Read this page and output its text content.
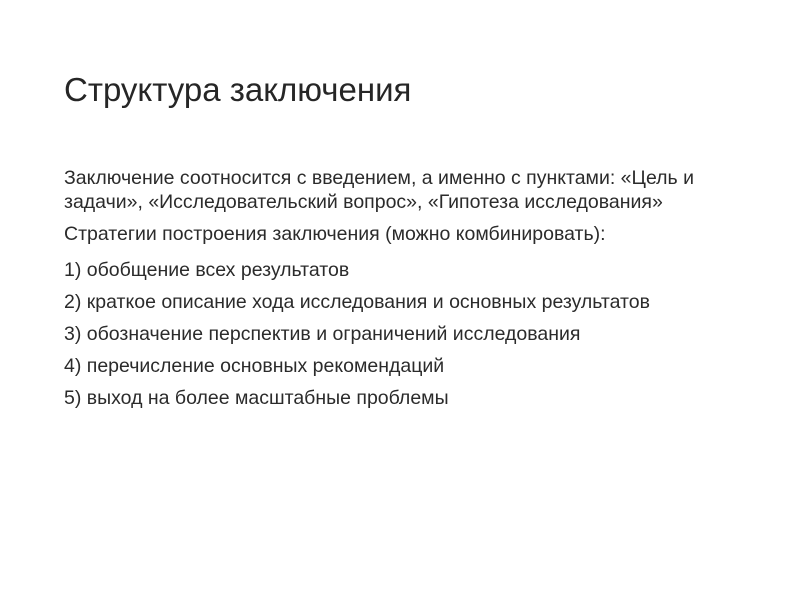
Структура заключения

Заключение соотносится с введением, а именно с пунктами: «Цель и задачи», «Исследовательский вопрос», «Гипотеза исследования»

Стратегии построения заключения (можно комбинировать):

1) обобщение всех результатов

2) краткое описание хода исследования и основных результатов

3) обозначение перспектив и ограничений исследования

4) перечисление основных рекомендаций

5) выход на более масштабные проблемы
